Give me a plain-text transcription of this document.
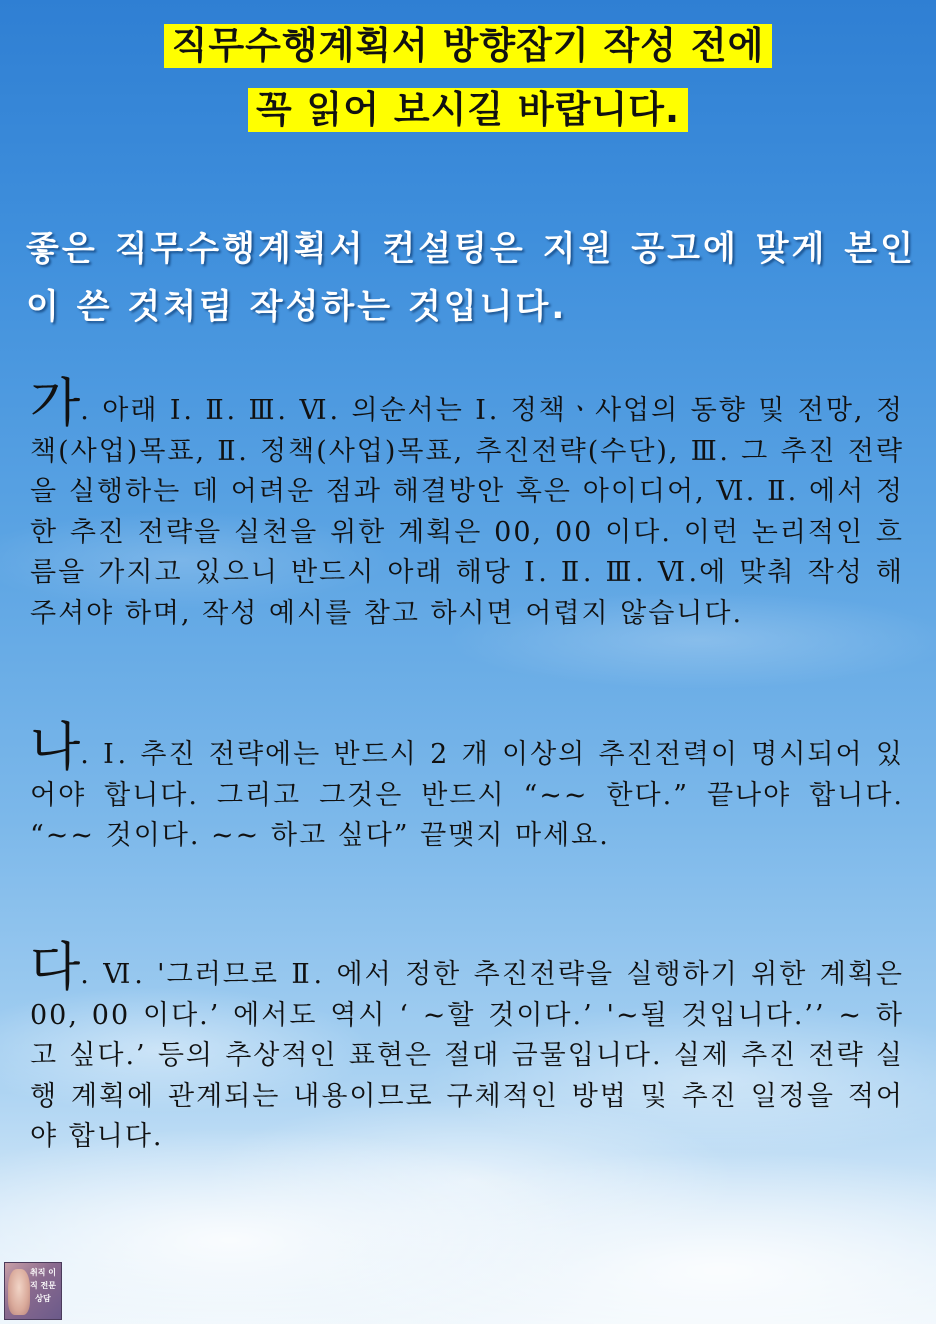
직무수행계획서 방향잡기 작성 전에
꼭 읽어 보시길 바랍니다.
좋은 직무수행계획서 컨설팅은 지원 공고에 맞게 본인이 쓴 것처럼 작성하는 것입니다.
가. 아래 Ⅰ. Ⅱ. Ⅲ. Ⅵ. 의순서는 Ⅰ. 정책ㆍ사업의 동향 및 전망, 정책(사업)목표, Ⅱ. 정책(사업)목표, 추진전략(수단), Ⅲ. 그 추진 전략을 실행하는 데 어려운 점과 해결방안 혹은 아이디어, Ⅵ. Ⅱ. 에서 정한 추진 전략을 실천을 위한 계획은 00, 00 이다. 이런 논리적인 흐름을 가지고 있으니 반드시 아래 해당 Ⅰ. Ⅱ. Ⅲ. Ⅵ.에 맞춰 작성 해 주셔야 하며, 작성 예시를 참고 하시면 어렵지 않습니다.
나. Ⅰ. 추진 전략에는 반드시 2 개 이상의 추진전력이 명시되어 있어야 합니다. 그리고 그것은 반드시 “~~ 한다.” 끝나야 합니다. “~~ 것이다. ~~ 하고 싶다” 끝맺지 마세요.
다. Ⅵ. '그러므로 Ⅱ. 에서 정한 추진전략을 실행하기 위한 계획은 00, 00 이다.’ 에서도 역시 ‘ ~할 것이다.’ '~될 것입니다.’’ ~ 하고 싶다.’ 등의 추상적인 표현은 절대 금물입니다. 실제 추진 전략 실행 계획에 관계되는 내용이므로 구체적인 방법 및 추진 일정을 적어야 합니다.
취직 이직 전문 상담
